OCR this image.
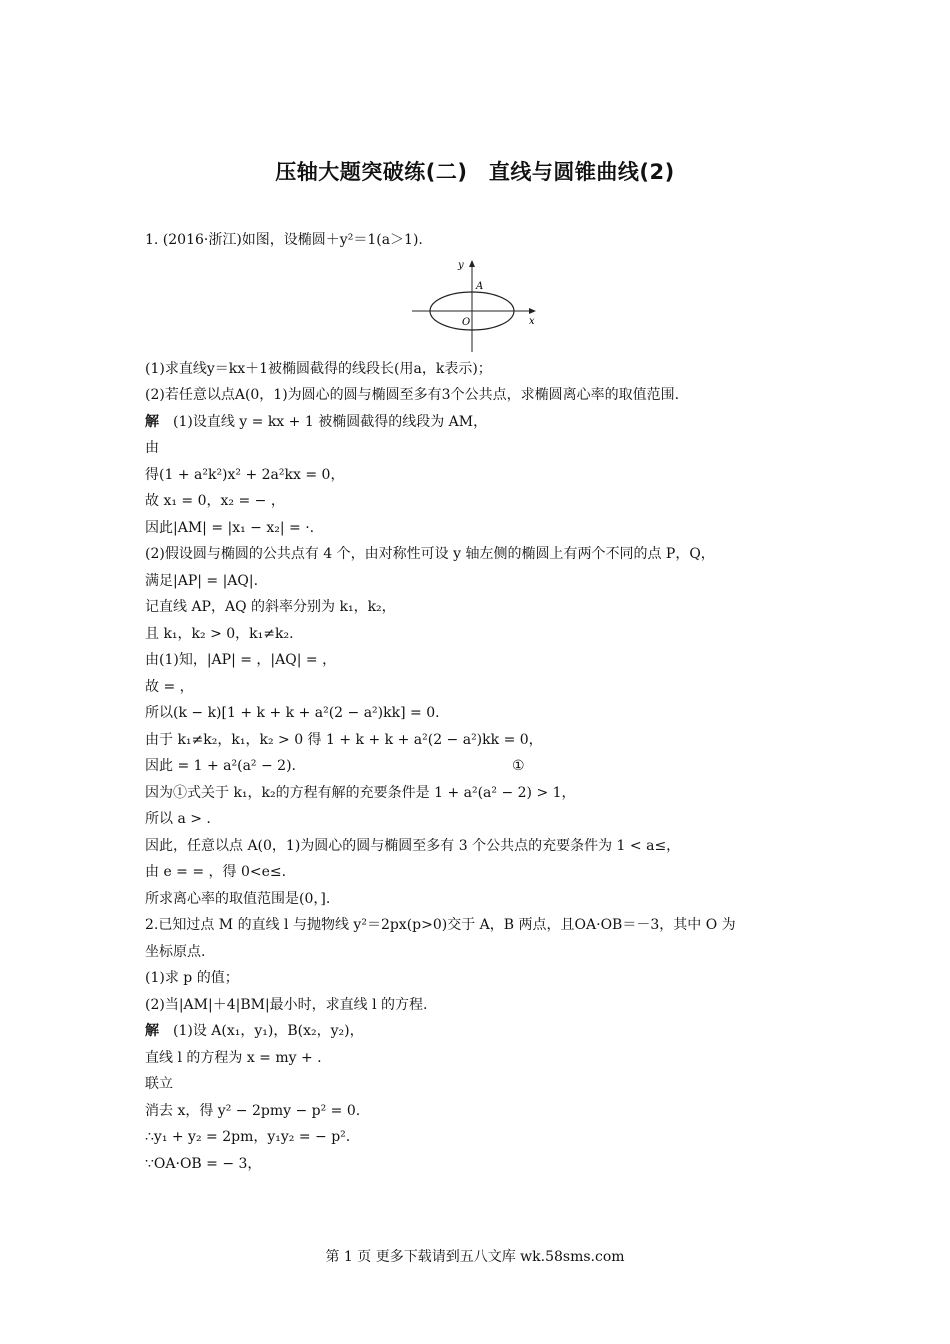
压轴大题突破练(二)　直线与圆锥曲线(2)
1. (2016·浙江)如图，设椭圆＋y²＝1(a＞1).
y
A
O	x
(1)求直线y＝kx＋1被椭圆截得的线段长(用a，k表示)；
(2)若任意以点A(0，1)为圆心的圆与椭圆至多有3个公共点，求椭圆离心率的取值范围.
解 (1)设直线 y = kx + 1 被椭圆截得的线段为 AM，
由
得(1 + a²k²)x² + 2a²kx = 0，
故 x₁ = 0，x₂ = − ，
因此|AM| = |x₁ − x₂| = ·.
(2)假设圆与椭圆的公共点有 4 个，由对称性可设 y 轴左侧的椭圆上有两个不同的点 P，Q，
满足|AP| = |AQ|.
记直线 AP，AQ 的斜率分别为 k₁，k₂，
且 k₁，k₂ > 0，k₁≠k₂.
由(1)知，|AP| = ，|AQ| = ，
故 = ，
所以(k − k)[1 + k + k + a²(2 − a²)kk] = 0.
由于 k₁≠k₂，k₁，k₂ > 0 得 1 + k + k + a²(2 − a²)kk = 0，
因此 = 1 + a²(a² − 2).	①
因为①式关于 k₁，k₂的方程有解的充要条件是 1 + a²(a² − 2) > 1，
所以 a > .
因此，任意以点 A(0，1)为圆心的圆与椭圆至多有 3 个公共点的充要条件为 1 < a≤，
由 e = = ，得 0<e≤.
所求离心率的取值范围是(0，].
2.已知过点 M 的直线 l 与抛物线 y²＝2px(p>0)交于 A，B 两点，且OA·OB＝－3，其中 O 为
坐标原点.
(1)求 p 的值；
(2)当|AM|＋4|BM|最小时，求直线 l 的方程.
解 (1)设 A(x₁，y₁)，B(x₂，y₂)，
直线 l 的方程为 x = my + .
联立
消去 x，得 y² − 2pmy − p² = 0.
∴y₁ + y₂ = 2pm，y₁y₂ = − p².
∵OA·OB = − 3，
第 1 页 更多下载请到五八文库 wk.58sms.com
